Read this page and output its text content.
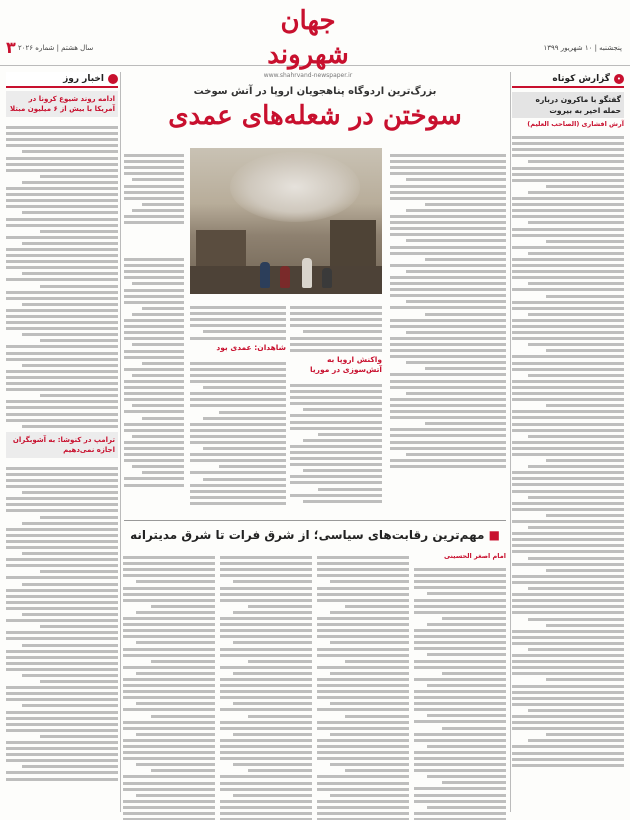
۳ سال هشتم | شماره ۲۰۲۶
جهان شهروند
www.shahrvand-newspaper.ir
پنجشنبه | ۱۰ شهریور ۱۳۹۹
•
گزارش کوتاه
گفتگو با ماکرون درباره حمله اخیر به بیروت
آرش افشاری (الصاحب العلیم)
اخبار روز
ادامه روند شیوع کرونا در آمریکا با بیش از ۶ میلیون مبتلا
ترامپ در کنوشا: به آشوبگران اجازه نمی‌دهیم
بزرگ‌ترین اردوگاه پناهجویان اروپا در آتش سوخت
سوختن در شعله‌های عمدی
شاهدان: عمدی بود
واکنش اروپا به آتش‌سوزی در موریا
■ مهم‌ترین رقابت‌های سیاسی؛ از شرق فرات تا شرق مدیترانه
امام اصغر الحسینی
